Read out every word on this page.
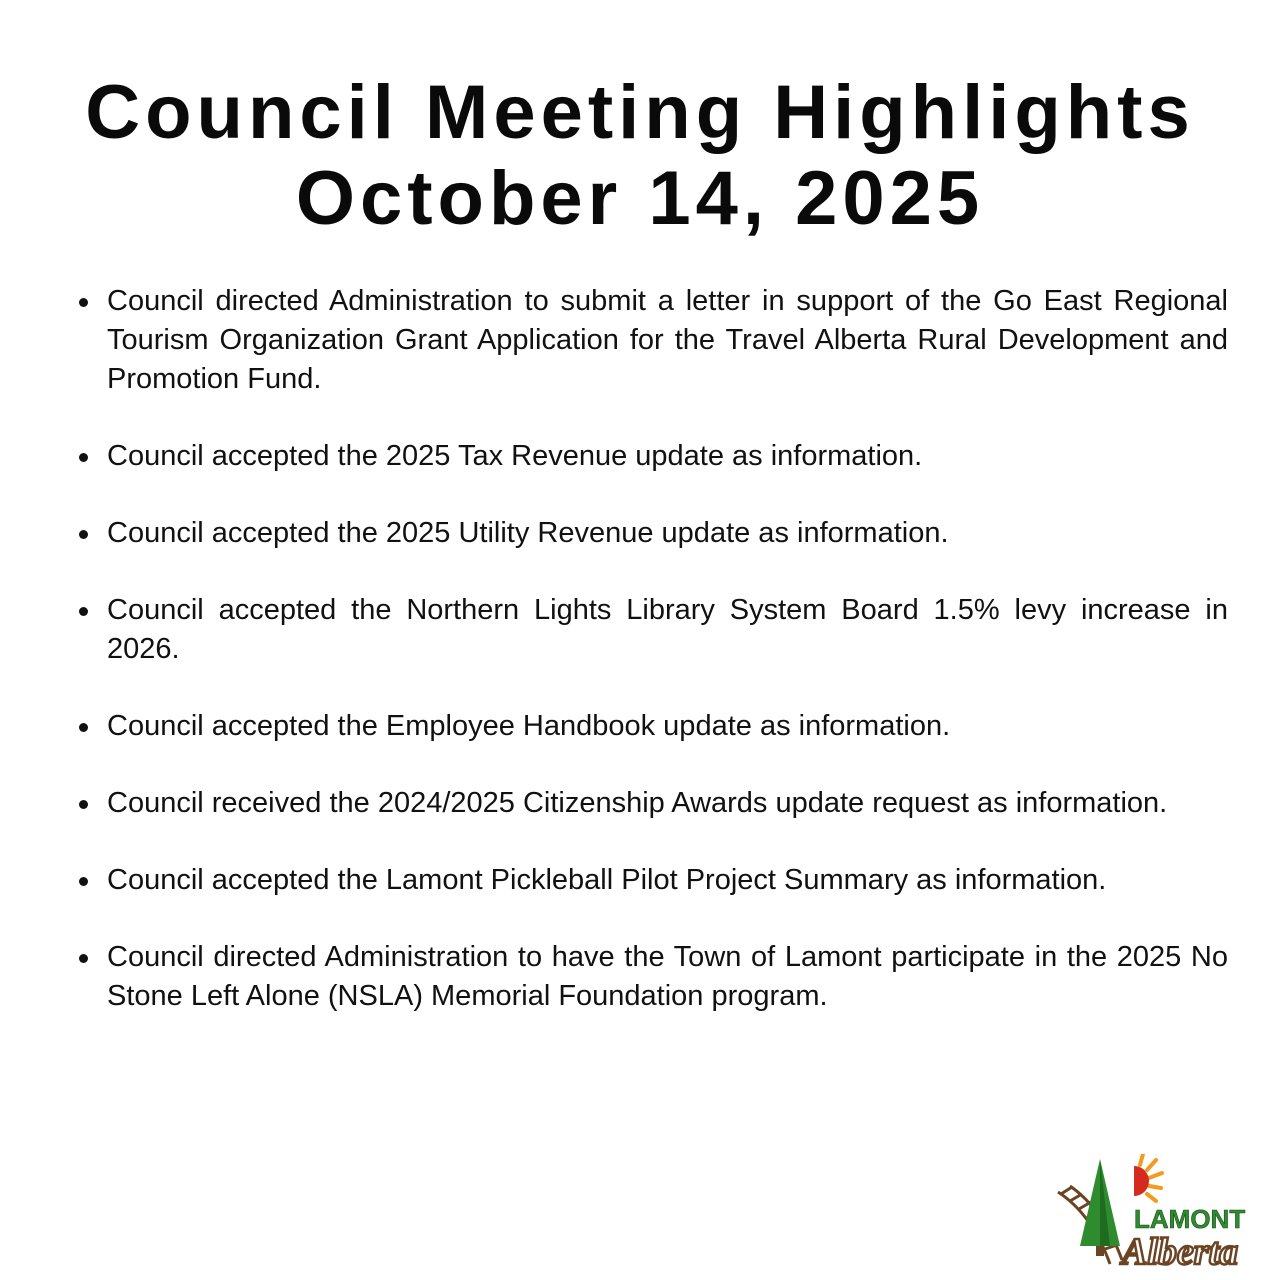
Council Meeting Highlights
October 14, 2025
Council directed Administration to submit a letter in support of the Go East Regional Tourism Organization Grant Application for the Travel Alberta Rural Development and Promotion Fund.
Council accepted the 2025 Tax Revenue update as information.
Council accepted the 2025 Utility Revenue update as information.
Council accepted the Northern Lights Library System Board 1.5% levy increase in 2026.
Council accepted the Employee Handbook update as information.
Council received the 2024/2025 Citizenship Awards update request as information.
Council accepted the Lamont Pickleball Pilot Project Summary as information.
Council directed Administration to have the Town of Lamont participate in the 2025 No Stone Left Alone (NSLA) Memorial Foundation program.
LAMONT
Alberta
